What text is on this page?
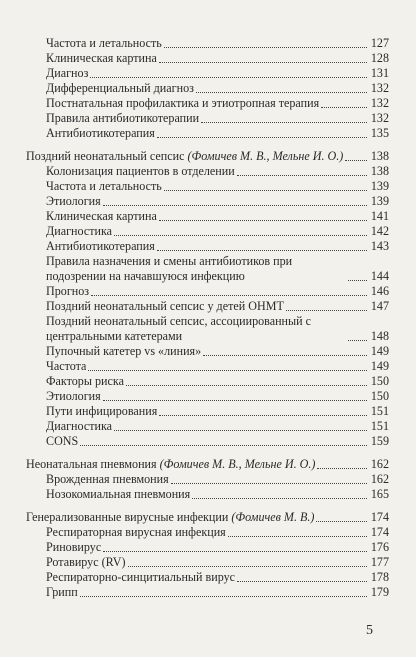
Частота и летальность	127
Клиническая картина	128
Диагноз	131
Дифференциальный диагноз	132
Постнатальная профилактика и этиотропная терапия	132
Правила антибиотикотерапии	132
Антибиотикотерапия	135
Поздний неонатальный сепсис
(Фомичев М. В., Мельне И. О.) 138
Колонизация пациентов в отделении	138
Частота и летальность	139
Этиология	139
Клиническая картина	141
Диагностика	142
Антибиотикотерапия	143
Правила назначения и смены антибиотиков при подозрении на начавшуюся инфекцию	144
Прогноз	146
Поздний неонатальный сепсис у детей ОНМТ	147
Поздний неонатальный сепсис, ассоциированный с центральными катетерами	148
Пупочный катетер vs «линия»	149
Частота	149
Факторы риска	150
Этиология	150
Пути инфицирования	151
Диагностика	151
CONS	159
Неонатальная пневмония
(Фомичев М. В., Мельне И. О.)	162
Врожденная пневмония	162
Нозокомиальная пневмония	165
Генерализованные вирусные инфекции
(Фомичев М. В.)	174
Респираторная вирусная инфекция	174
Риновирус	176
Ротавирус (RV)	177
Респираторно-синцитиальный вирус	178
Грипп	179
5
